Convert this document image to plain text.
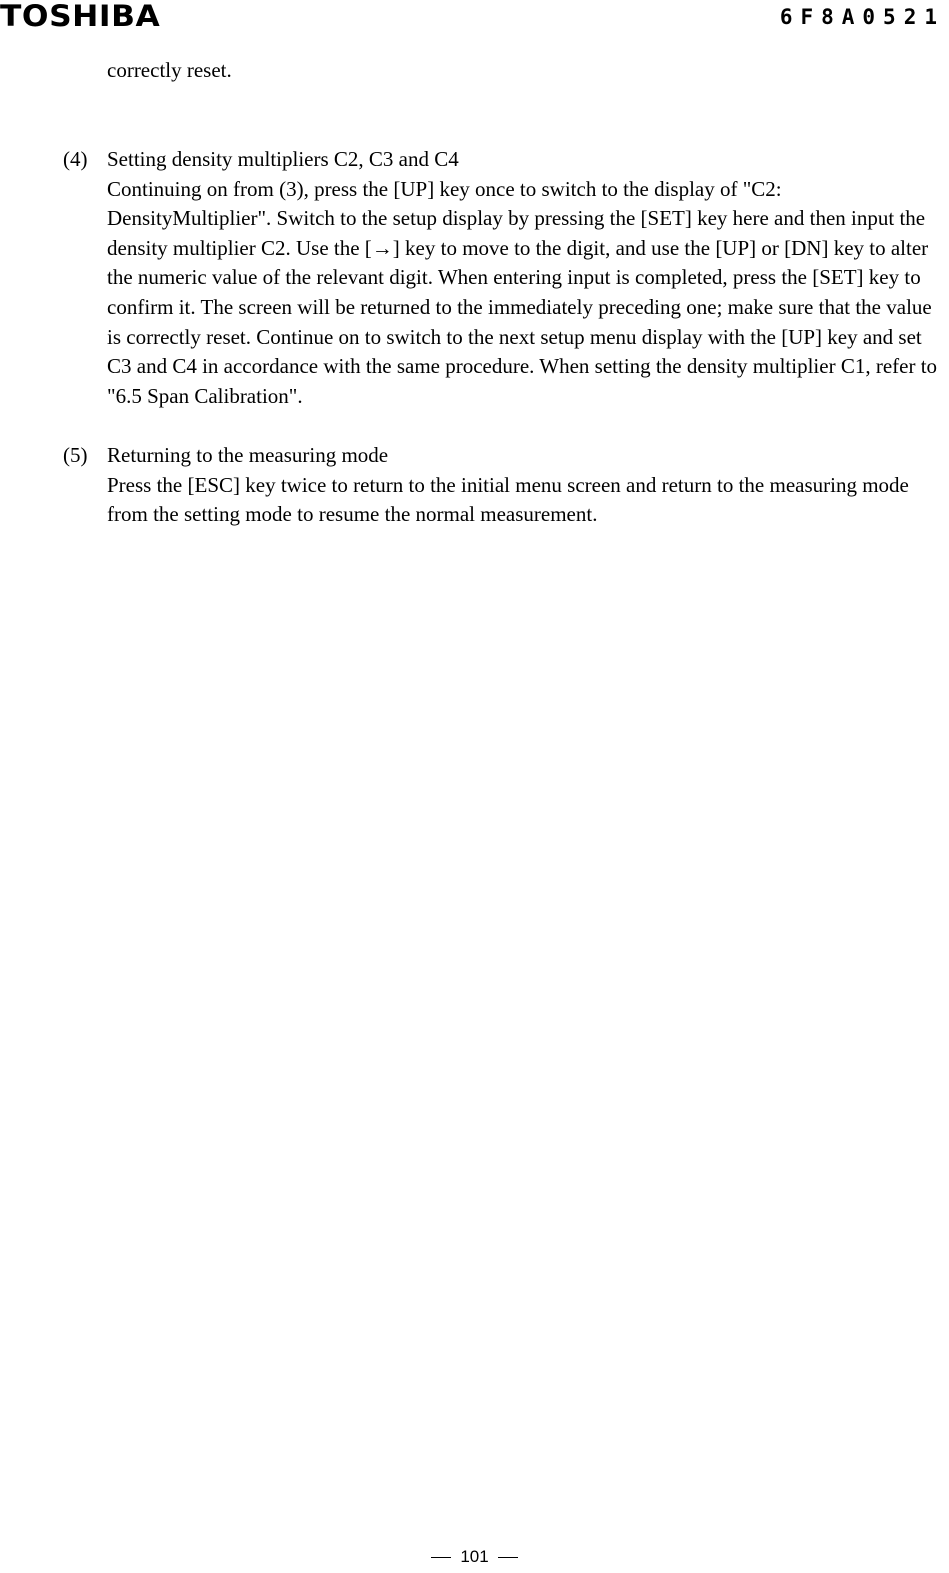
TOSHIBA	6F8A0521
correctly reset.
(4) Setting density multipliers C2, C3 and C4
Continuing on from (3), press the [UP] key once to switch to the display of "C2: DensityMultiplier". Switch to the setup display by pressing the [SET] key here and then input the density multiplier C2. Use the [→] key to move to the digit, and use the [UP] or [DN] key to alter the numeric value of the relevant digit. When entering input is completed, press the [SET] key to confirm it. The screen will be returned to the immediately preceding one; make sure that the value is correctly reset. Continue on to switch to the next setup menu display with the [UP] key and set C3 and C4 in accordance with the same procedure. When setting the density multiplier C1, refer to "6.5 Span Calibration".
(5) Returning to the measuring mode
Press the [ESC] key twice to return to the initial menu screen and return to the measuring mode from the setting mode to resume the normal measurement.
101
